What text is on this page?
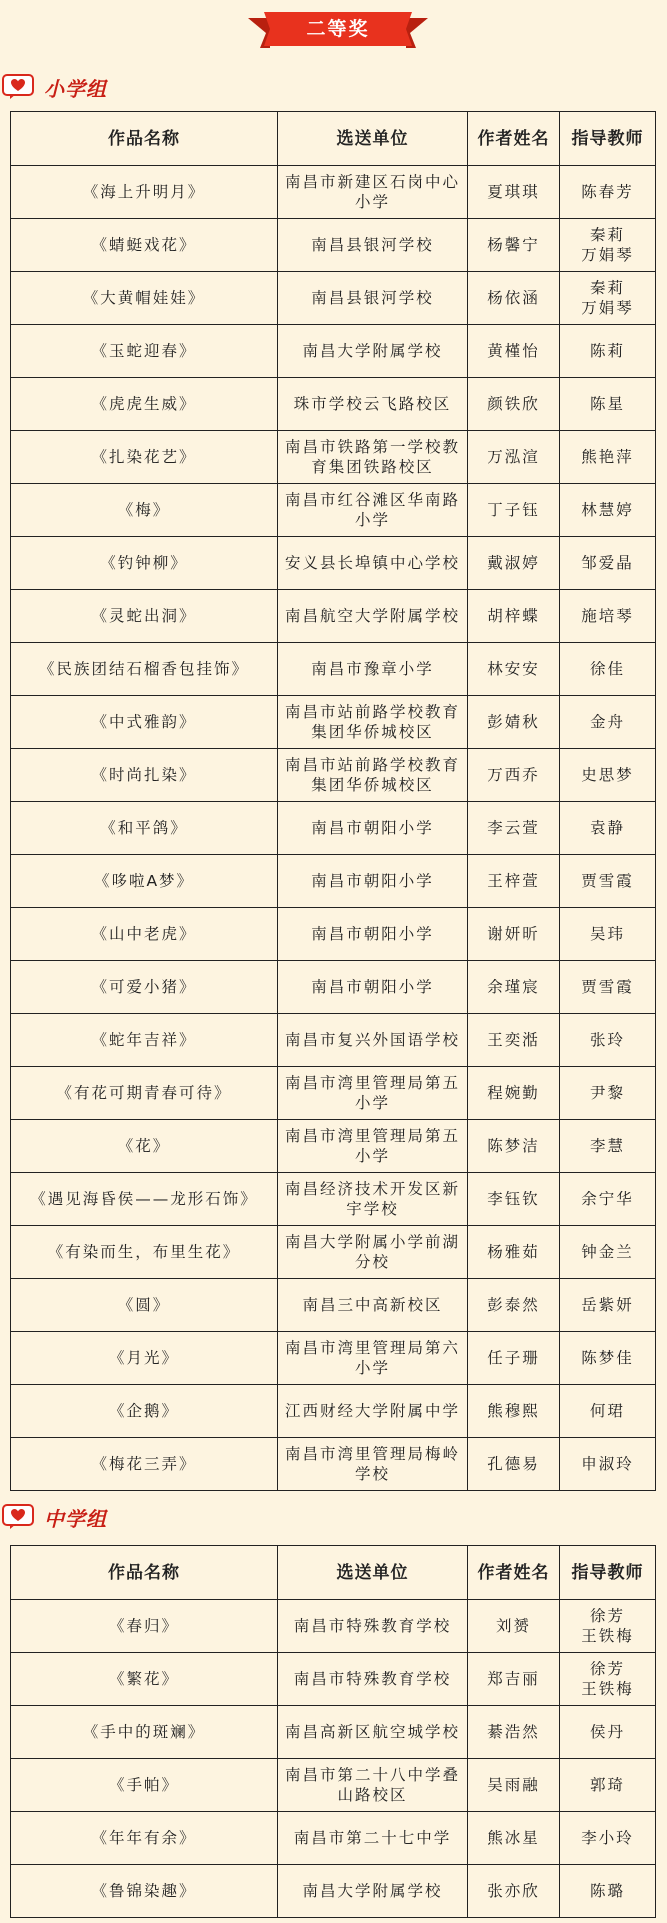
二等奖
小学组
作品名称	选送单位	作者姓名	指导教师
《海上升明月》	南昌市新建区石岗中心小学	夏琪琪	陈春芳
《蜻蜓戏花》	南昌县银河学校	杨馨宁	秦莉
万娟琴
《大黄帽娃娃》	南昌县银河学校	杨依涵	秦莉
万娟琴
《玉蛇迎春》	南昌大学附属学校	黄槿怡	陈莉
《虎虎生威》	珠市学校云飞路校区	颜铁欣	陈星
《扎染花艺》	南昌市铁路第一学校教育集团铁路校区	万泓渲	熊艳萍
《梅》	南昌市红谷滩区华南路小学	丁子钰	林慧婷
《钓钟柳》	安义县长埠镇中心学校	戴淑婷	邹爱晶
《灵蛇出洞》	南昌航空大学附属学校	胡梓蝶	施培琴
《民族团结石榴香包挂饰》	南昌市豫章小学	林安安	徐佳
《中式雅韵》	南昌市站前路学校教育集团华侨城校区	彭婧秋	金舟
《时尚扎染》	南昌市站前路学校教育集团华侨城校区	万西乔	史思梦
《和平鸽》	南昌市朝阳小学	李云萱	袁静
《哆啦A梦》	南昌市朝阳小学	王梓萱	贾雪霞
《山中老虎》	南昌市朝阳小学	谢妍昕	吴玮
《可爱小猪》	南昌市朝阳小学	余瑾宸	贾雪霞
《蛇年吉祥》	南昌市复兴外国语学校	王奕湉	张玲
《有花可期青春可待》	南昌市湾里管理局第五小学	程婉勤	尹黎
《花》	南昌市湾里管理局第五小学	陈梦洁	李慧
《遇见海昏侯——龙形石饰》	南昌经济技术开发区新宇学校	李钰钦	余宁华
《有染而生，布里生花》	南昌大学附属小学前湖分校	杨雅茹	钟金兰
《圆》	南昌三中高新校区	彭泰然	岳紫妍
《月光》	南昌市湾里管理局第六小学	任子珊	陈梦佳
《企鹅》	江西财经大学附属中学	熊穆熙	何珺
《梅花三弄》	南昌市湾里管理局梅岭学校	孔德易	申淑玲
中学组
作品名称	选送单位	作者姓名	指导教师
《春归》	南昌市特殊教育学校	刘赟	徐芳
王铁梅
《繁花》	南昌市特殊教育学校	郑吉丽	徐芳
王铁梅
《手中的斑斓》	南昌高新区航空城学校	綦浩然	侯丹
《手帕》	南昌市第二十八中学叠山路校区	吴雨融	郭琦
《年年有余》	南昌市第二十七中学	熊冰星	李小玲
《鲁锦染趣》	南昌大学附属学校	张亦欣	陈璐
